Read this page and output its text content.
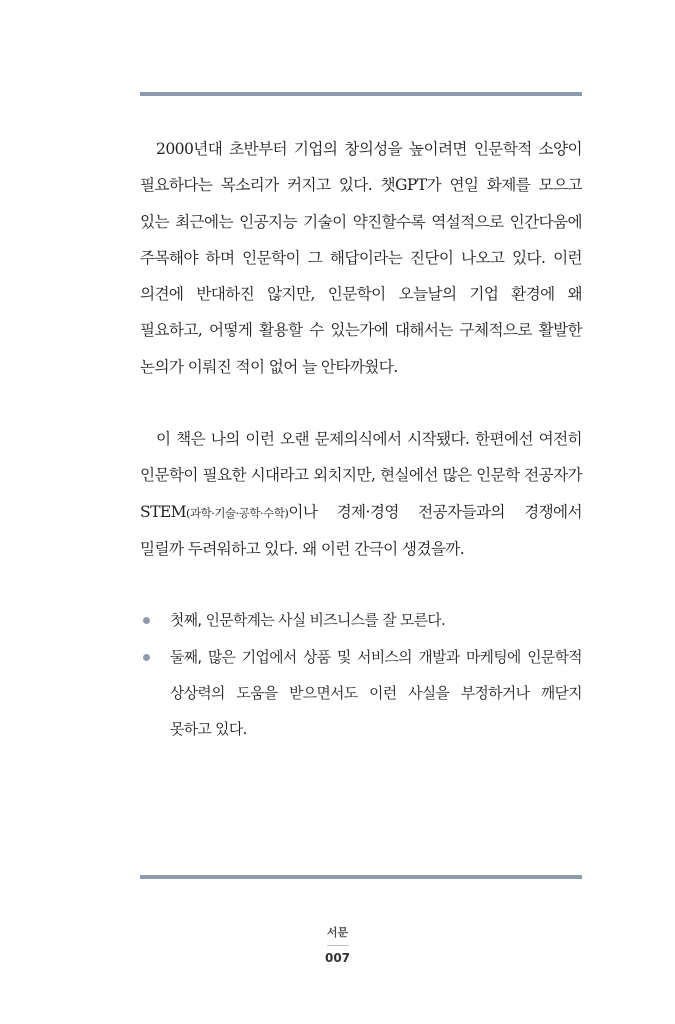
2000년대 초반부터 기업의 창의성을 높이려면 인문학적 소양이 필요하다는 목소리가 커지고 있다. 챗GPT가 연일 화제를 모으고 있는 최근에는 인공지능 기술이 약진할수록 역설적으로 인간다움에 주목해야 하며 인문학이 그 해답이라는 진단이 나오고 있다. 이런 의견에 반대하진 않지만, 인문학이 오늘날의 기업 환경에 왜 필요하고, 어떻게 활용할 수 있는가에 대해서는 구체적으로 활발한 논의가 이뤄진 적이 없어 늘 안타까웠다.

이 책은 나의 이런 오랜 문제의식에서 시작됐다. 한편에선 여전히 인문학이 필요한 시대라고 외치지만, 현실에선 많은 인문학 전공자가 STEM(과학·기술·공학·수학)이나 경제·경영 전공자들과의 경쟁에서 밀릴까 두려워하고 있다. 왜 이런 간극이 생겼을까.

첫째, 인문학계는 사실 비즈니스를 잘 모른다.
둘째, 많은 기업에서 상품 및 서비스의 개발과 마케팅에 인문학적 상상력의 도움을 받으면서도 이런 사실을 부정하거나 깨닫지 못하고 있다.
서문
007
